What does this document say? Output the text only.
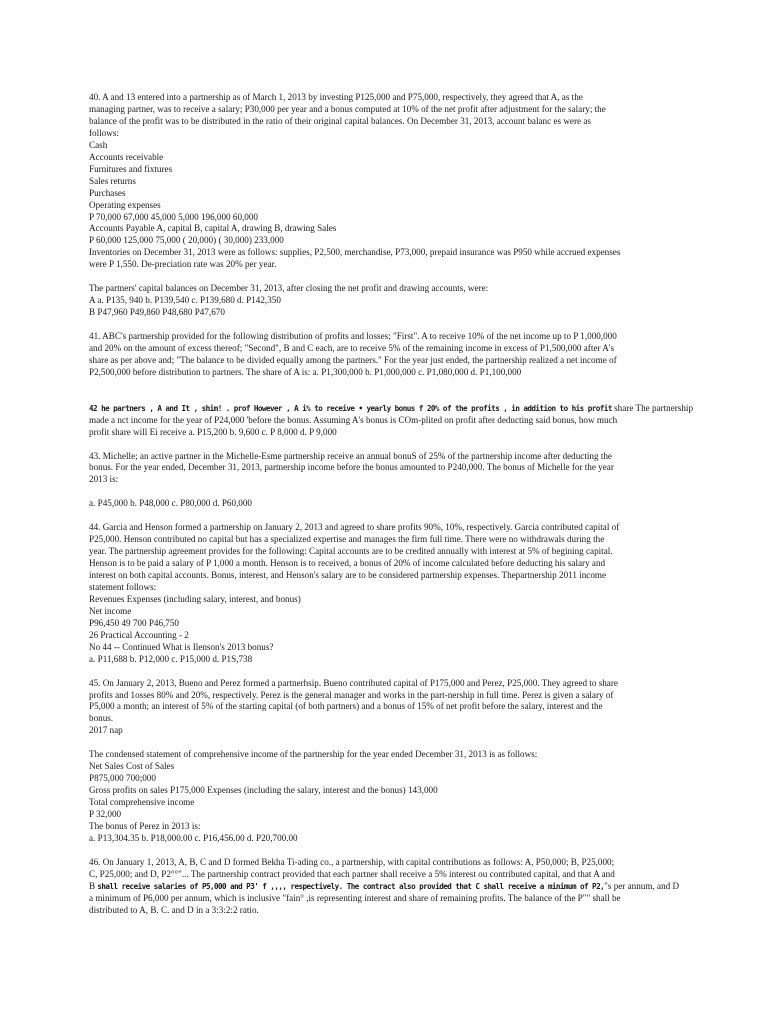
40. A and 13 entered into a partnership as of March 1, 2013 by investing P125,000 and P75,000, respectively, they agreed that A, as the
managing partner, was to receive a salary; P30,000 per year and a bonus computed at 10% of the net profit after adjustment for the salary; the
balance of the profit was to be distributed in the ratio of their original capital balances. On December 31, 2013, account balanc es were as
follows:
Cash
Accounts receivable
Furnitures and fixtures
Sales returns
Purchases
Operating expenses
P 70,000 67,000 45,000 5,000 196,000 60,000
Accounts Payable A, capital B, capital A, drawing B, drawing Sales
P 60,000 125,000 75,000 ( 20,000) ( 30,000) 233,000
Inventories on December 31, 2013 were as follows: supplies, P2,500, merchandise, P73,000, prepaid insurance was P950 while accrued expenses
were P 1,550. De-preciation rate was 20% per year.
The partners' capital balances on December 31, 2013, after closing the net profit and drawing accounts, were:
A a. P135, 940 b. P139,540 c. P139,680 d. P142,350
B P47,960 P49,860 P48,680 P47,670
41. ABC's partnership provided for the following distribution of profits and losses; "First". A to receive 10% of the net income up to P 1,000,000
and 20% on the amount of excess thereof; "Second", B and C each, are to receive 5% of the remaining income in excess of P1,500,000 after A's
share as per above and; "The balance to be divided equally among the partners." For the year just ended, the partnership realized a net income of
P2,500,000 before distribution to partners. The share of A is: a. P1,300,000 b. P1,000,000 c. P1,080,000 d. P1,100,000
42 he partners , A and It , shim! . prof However , A i% to receive • yearly bonus f 20% of the profits , in addition to his profit share The partnership
made a nct income for the year of P24,000 'before the bonus. Assuming A's bonus is COm-plited on profit after deducting said bonus, how much
profit share will Ei receive a. P15,200 b. 9,600 c. P 8,000 d. P 9,000
43. Michelle; an active partner in the Michelle-Esme partnership receive an annual bonuS of 25% of the partnership income after deducting the
bonus. For the year ended, December 31, 2013, partnership income before the bonus amounted to P240,000. The bonus of Michelle for the year
2013 is:
a. P45,000 b. P48,000 c. P80,000 d. P60,000
44. Garcia and Henson formed a partnership on January 2, 2013 and agreed to share profits 90%, 10%, respectively. Garcia contributed capital of
P25,000. Henson contributed no capital but has a specialized expertise and manages the firm full time. There were no withdrawals during the
year. The partnership agreement provides for the following: Capital accounts are to be credited annually with interest at 5% of begining capital.
Henson is to be paid a salary of P 1,000 a month. Henson is to received, a bonus of 20% of income calculated before deducting his salary and
interest on both capital accounts. Bonus, interest, and Henson's salary are to be considered partnership expenses. Thepartnership 2011 income
statement follows:
Revenues Expenses (including salary, interest, and bonus)
Net income
P96,450 49 700 P46,750
26 Practical Accounting - 2
No 44 -- Continued What is Ilenson's 2013 bonus?
a. P11,688 b. P12,000 c. P15,000 d. P1S,738
45. On January 2, 2013, Bueno and Perez formed a partnerhsip. Bueno contributed capital of P175,000 and Perez, P25,000. They agreed to share
profits and 1osses 80% and 20%, respectively. Perez is the general manager and works in the part-nership in full time. Perez is given a salary of
P5,000 a month; an interest of 5% of the starting capital (of both partners) and a bonus of 15% of net profit before the salary, interest and the
bonus.
2017 nap
The condensed statement of comprehensive income of the partnership for the year ended December 31, 2013 is as follows:
Net Sales Cost of Sales
P875,000 700;000
Gross profits on sales P175,000 Expenses (including the salary, interest and the bonus) 143,000
Total comprehensive income
P 32,000
The bonus of Perez in 2013 is:
a. P13,304.35 b. P18,000.00 c. P16,456.00 d. P20,700.00
46. On January 1, 2013, A, B, C and D formed Bekha Ti-ading co., a partnership, with capital contributions as follows: A, P50,000; B, P25,000;
C, P25,000; and D, P2°°"... The partnership contract provided that each partner shall receive a 5% interest ou contributed capital, and that A and
B shall receive salaries of P5,000 and P3' f ,,,, respectively. The contract also provided that C shall receive a minimum of P2,"s per annum, and D
a minimum of P6,000 per annum, which is inclusive "fain° ,is representing interest and share of remaining profits. The balance of the P"" shall be
distributed to A, B. C. and D in a 3:3:2:2 ratio.
